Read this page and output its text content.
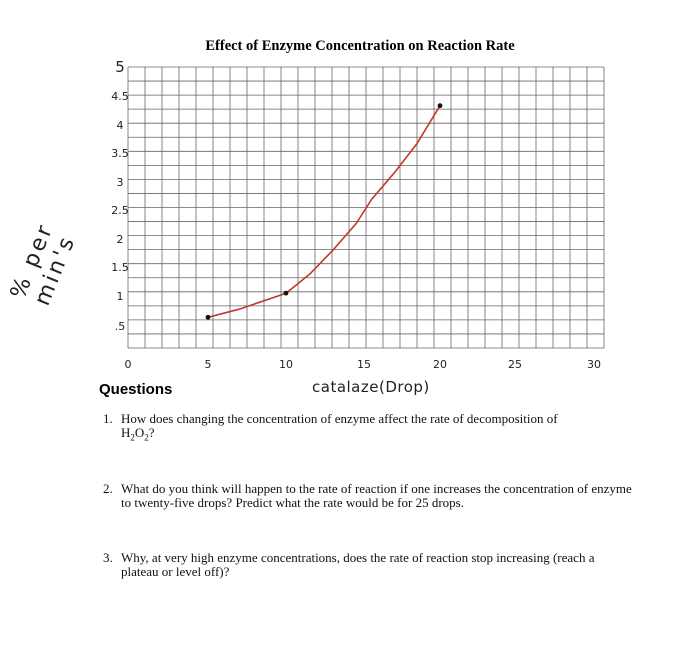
Effect of Enzyme Concentration on Reaction Rate
5
4.5
4
3.5
3
2.5
2
1.5
1
.5
0	5	10	15	20	25	30
% per min's
catalaze(Drop)
Questions
1. How does changing the concentration of enzyme affect the rate of decomposition of
$H_2O_2$?
2. What do you think will happen to the rate of reaction if one increases the concentration of enzyme to twenty-five drops? Predict what the rate would be for 25 drops.
3. Why, at very high enzyme concentrations, does the rate of reaction stop increasing (reach a plateau or level off)?
